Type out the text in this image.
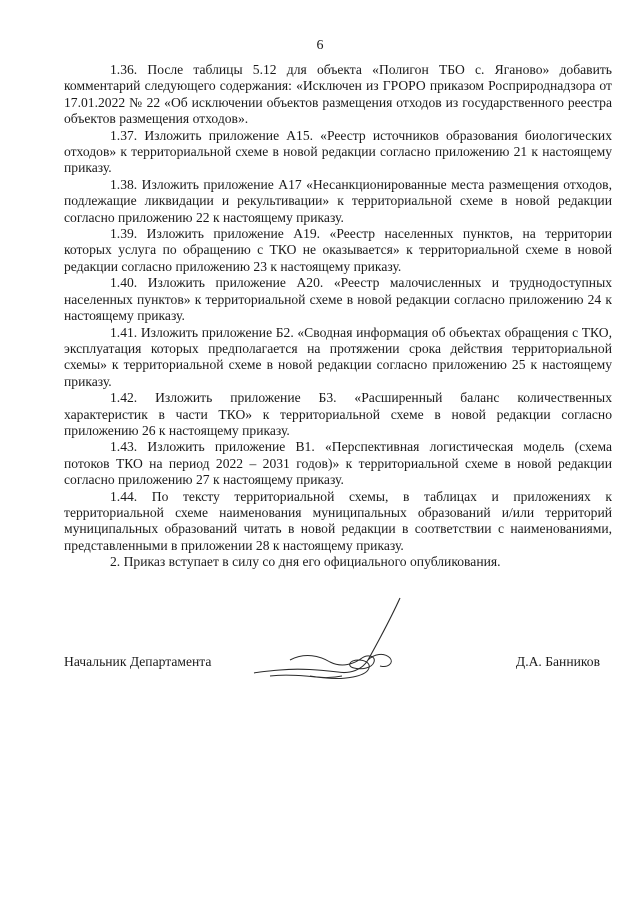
6

1.36. После таблицы 5.12 для объекта «Полигон ТБО с. Яганово» добавить комментарий следующего содержания: «Исключен из ГРОРО приказом Росприроднадзора от 17.01.2022 № 22 «Об исключении объектов размещения отходов из государственного реестра объектов размещения отходов».

1.37. Изложить приложение А15. «Реестр источников образования биологических отходов» к территориальной схеме в новой редакции согласно приложению 21 к настоящему приказу.

1.38. Изложить приложение А17 «Несанкционированные места размещения отходов, подлежащие ликвидации и рекультивации» к территориальной схеме в новой редакции согласно приложению 22 к настоящему приказу.

1.39. Изложить приложение А19. «Реестр населенных пунктов, на территории которых услуга по обращению с ТКО не оказывается» к территориальной схеме в новой редакции согласно приложению 23 к настоящему приказу.

1.40. Изложить приложение А20. «Реестр малочисленных и труднодоступных населенных пунктов» к территориальной схеме в новой редакции согласно приложению 24 к настоящему приказу.

1.41. Изложить приложение Б2. «Сводная информация об объектах обращения с ТКО, эксплуатация которых предполагается на протяжении срока действия территориальной схемы» к территориальной схеме в новой редакции согласно приложению 25 к настоящему приказу.

1.42. Изложить приложение Б3. «Расширенный баланс количественных характеристик в части ТКО» к территориальной схеме в новой редакции согласно приложению 26 к настоящему приказу.

1.43. Изложить приложение В1. «Перспективная логистическая модель (схема потоков ТКО на период 2022 – 2031 годов)» к территориальной схеме в новой редакции согласно приложению 27 к настоящему приказу.

1.44. По тексту территориальной схемы, в таблицах и приложениях к территориальной схеме наименования муниципальных образований и/или территорий муниципальных образований читать в новой редакции в соответствии с наименованиями, представленными в приложении 28 к настоящему приказу.

2. Приказ вступает в силу со дня его официального опубликования.

Начальник Департамента	Д.А. Банников
